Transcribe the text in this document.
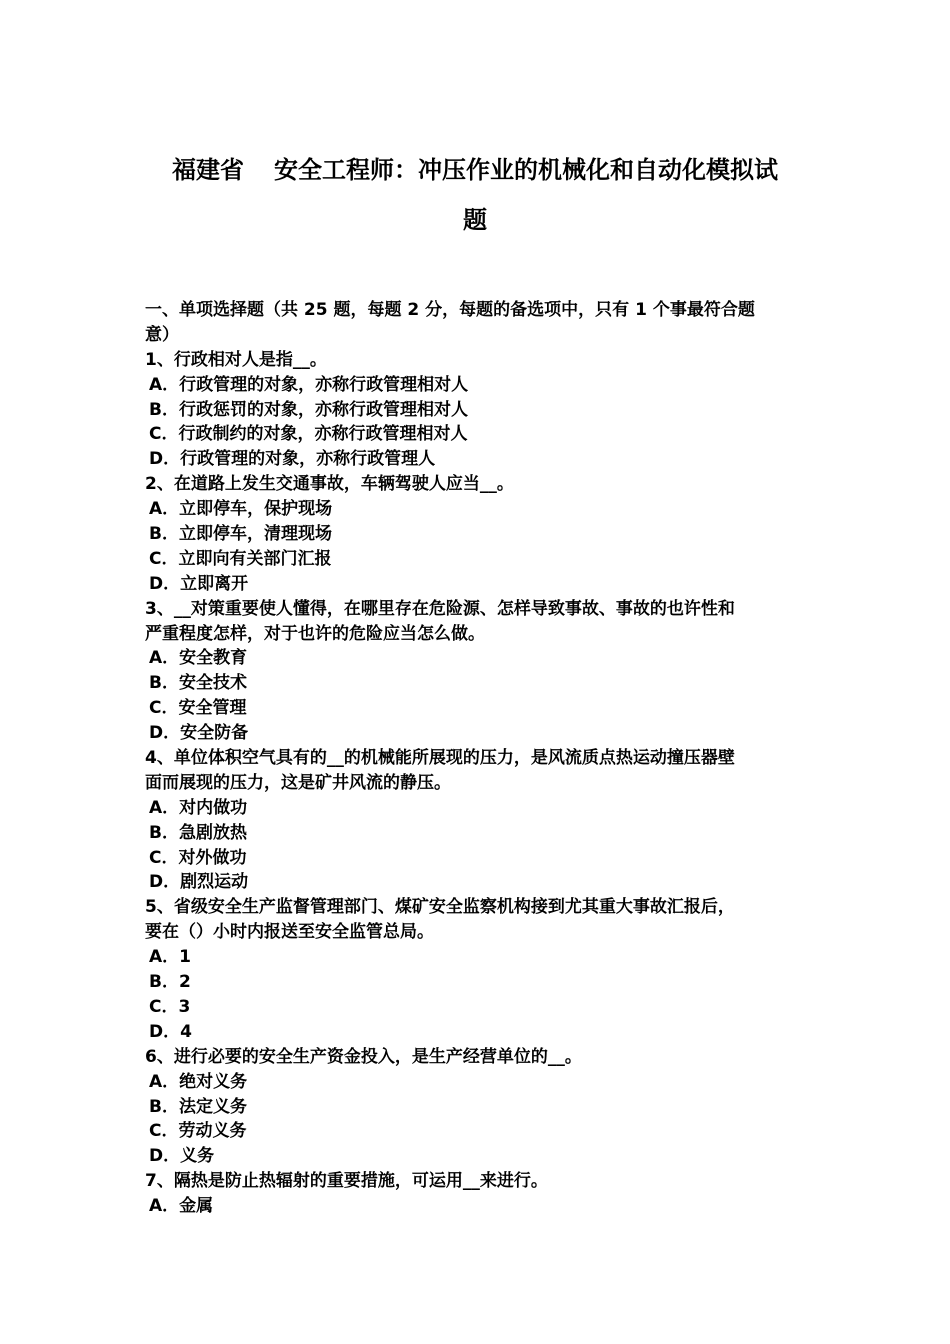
福建省 安全工程师：冲压作业的机械化和自动化模拟试
题
一、单项选择题（共 25 题，每题 2 分，每题的备选项中，只有 1 个事最符合题
意）
1、行政相对人是指__。
A．行政管理的对象，亦称行政管理相对人
B．行政惩罚的对象，亦称行政管理相对人
C．行政制约的对象，亦称行政管理相对人
D．行政管理的对象，亦称行政管理人
2、在道路上发生交通事故，车辆驾驶人应当__。
A．立即停车，保护现场
B．立即停车，清理现场
C．立即向有关部门汇报
D．立即离开
3、__对策重要使人懂得，在哪里存在危险源、怎样导致事故、事故的也许性和
严重程度怎样，对于也许的危险应当怎么做。
A．安全教育
B．安全技术
C．安全管理
D．安全防备
4、单位体积空气具有的__的机械能所展现的压力，是风流质点热运动撞压器壁
面而展现的压力，这是矿井风流的静压。
A．对内做功
B．急剧放热
C．对外做功
D．剧烈运动
5、省级安全生产监督管理部门、煤矿安全监察机构接到尤其重大事故汇报后，
要在（）小时内报送至安全监管总局。
A．1
B．2
C．3
D．4
6、进行必要的安全生产资金投入，是生产经营单位的__。
A．绝对义务
B．法定义务
C．劳动义务
D．义务
7、隔热是防止热辐射的重要措施，可运用__来进行。
A．金属
